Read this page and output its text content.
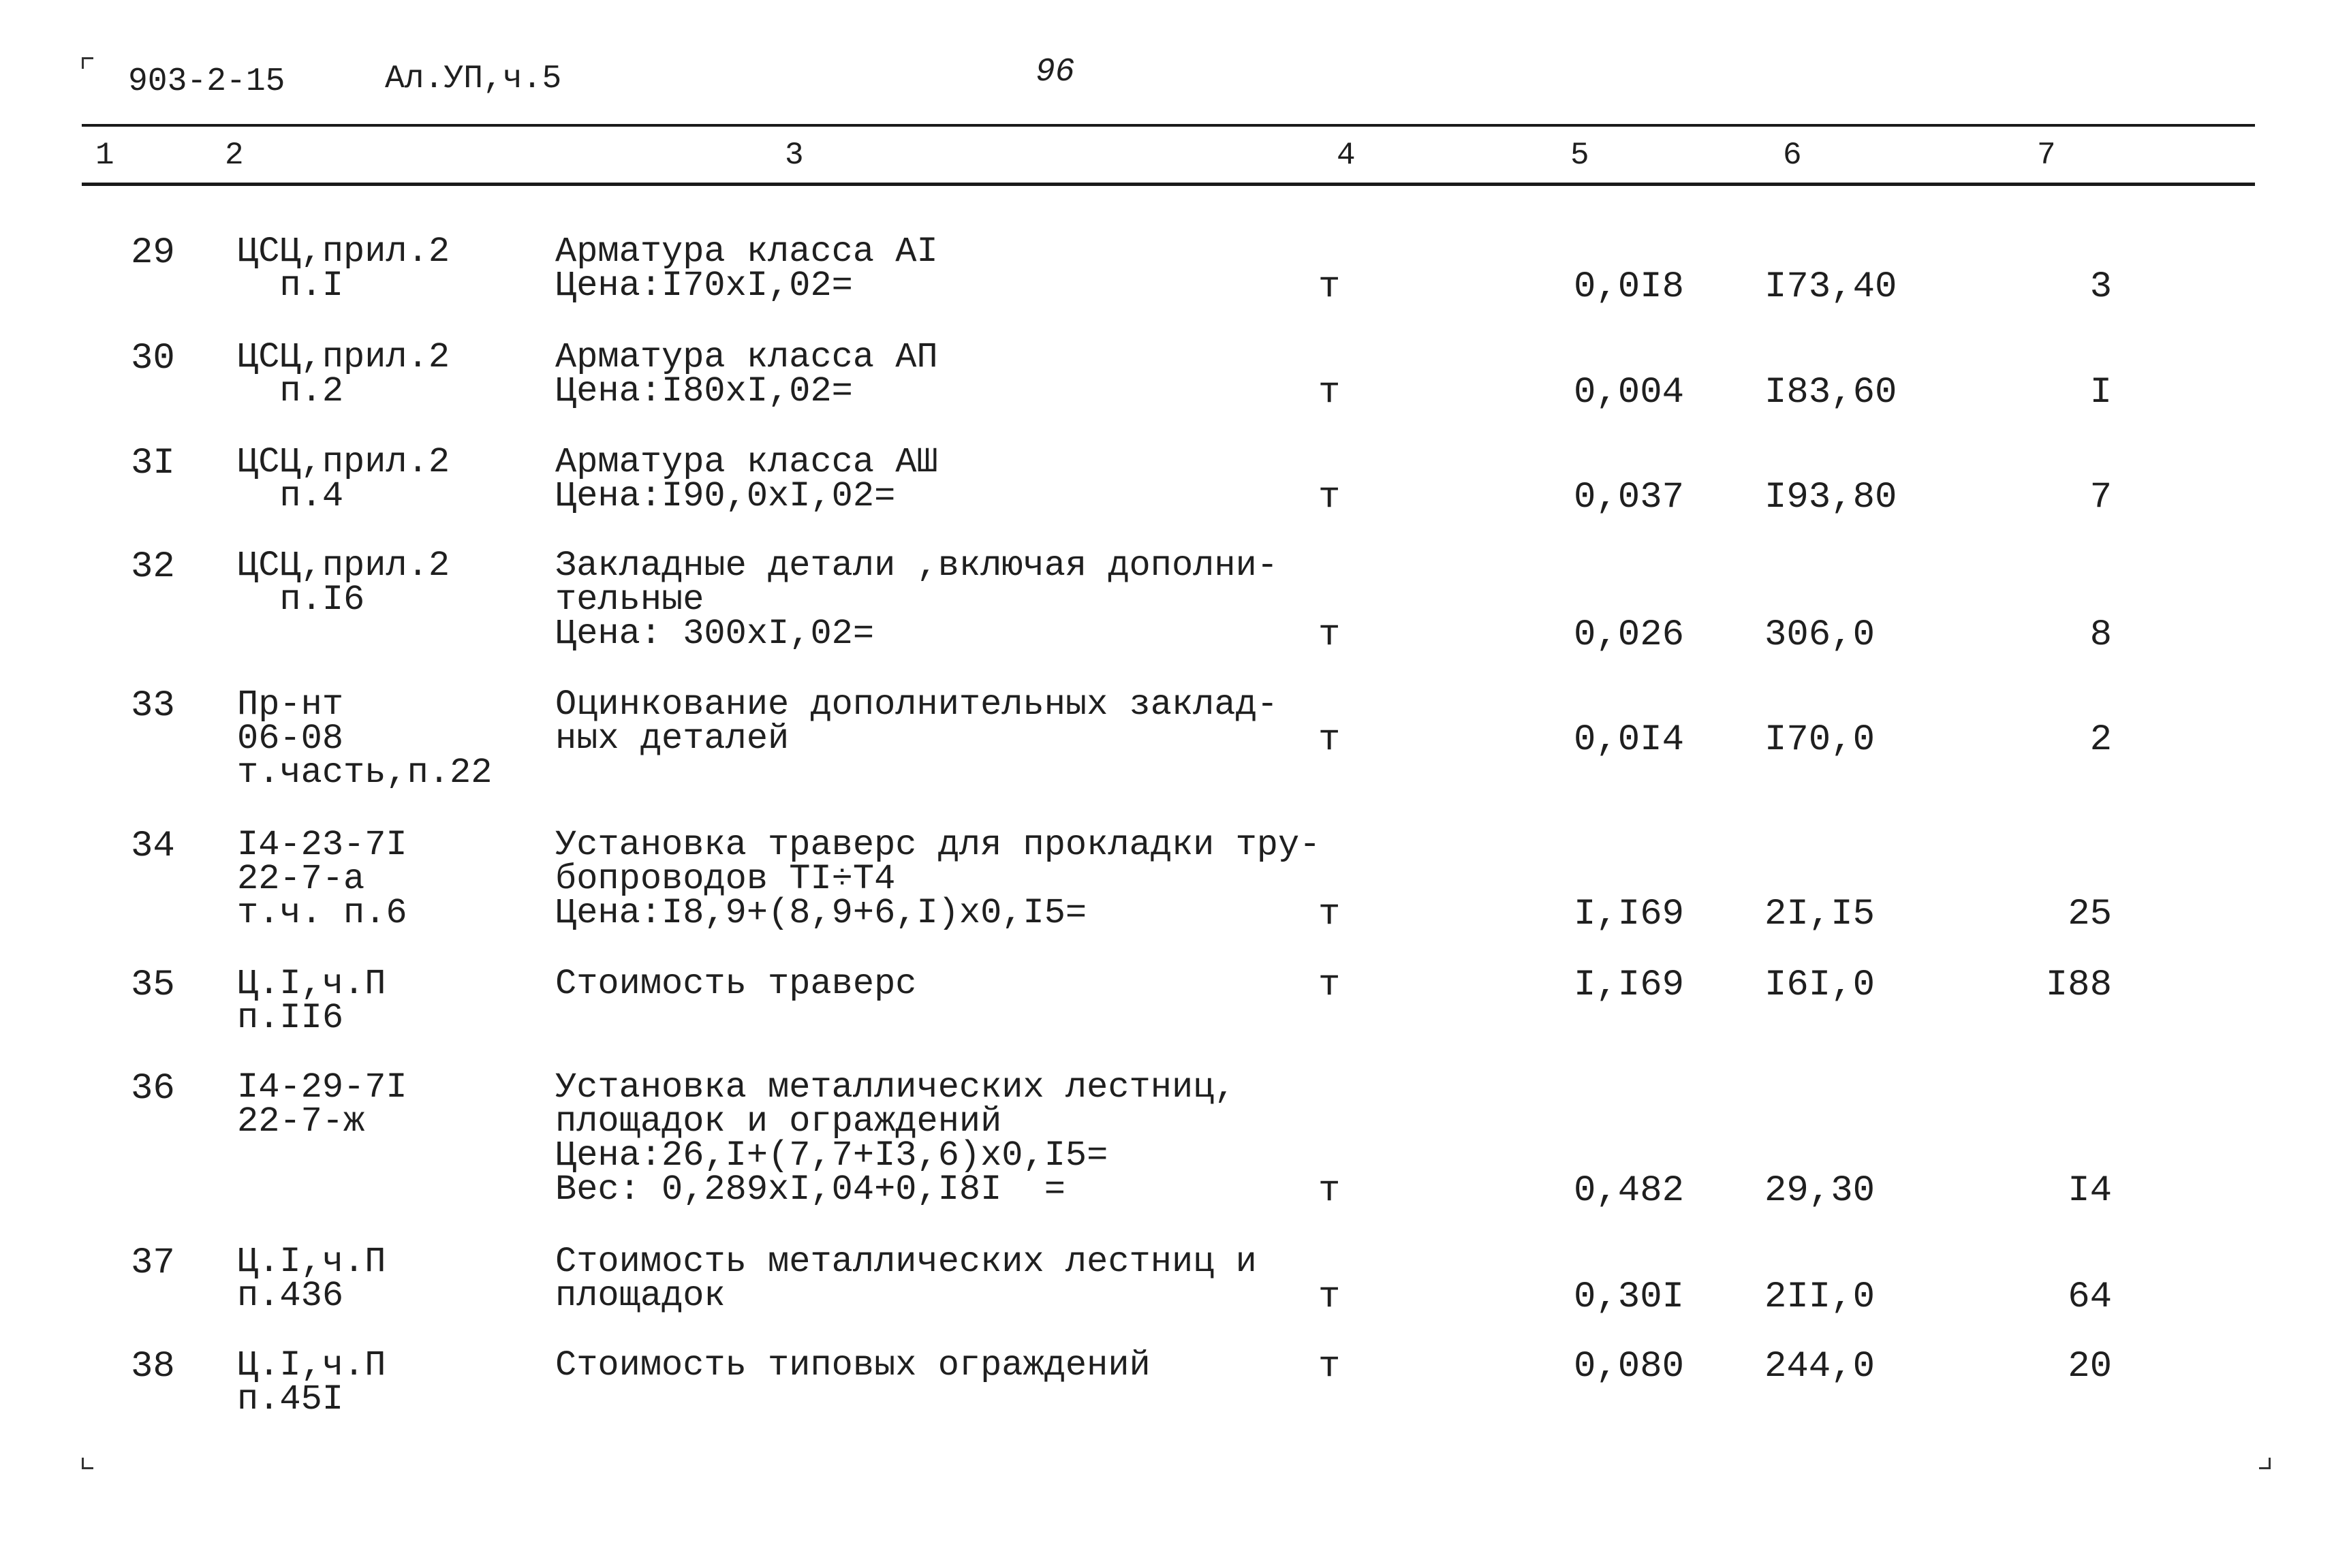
903-2-15	Ал.УП,ч.5	96
1	2	3	4	5	6	7
29 ЦСЦ,прил.2
п.I
Арматура класса АI
Цена:I70хI,02=	т	0,0I8 I73,40	3
30 ЦСЦ,прил.2
п.2
Арматура класса АП
Цена:I80хI,02=	т	0,004 I83,60	I
3I ЦСЦ,прил.2
п.4
Арматура класса АШ
Цена:I90,0хI,02=	т	0,037 I93,80	7
32 ЦСЦ,прил.2
п.I6
Закладные детали ,включая дополни-
тельные
Цена: 300хI,02=	т	0,026 306,0	8
33 Пр-нт
06-08
т.часть,п.22
Оцинкование дополнительных заклад-
ных деталей	т	0,0I4 I70,0	2
34 I4-23-7I
22-7-а
т.ч. п.6
Установка траверс для прокладки тру-
бопроводов TI÷T4
Цена:I8,9+(8,9+6,I)х0,I5=	т	I,I69 2I,I5	25
35 Ц.I,ч.П
п.II6
Стоимость траверс	т	I,I69 I6I,0	I88
36 I4-29-7I
22-7-ж
Установка металлических лестниц,
площадок и ограждений
Цена:26,I+(7,7+I3,6)х0,I5=
Вес: 0,289хI,04+0,I8I  =	т	0,482 29,30	I4
37 Ц.I,ч.П
п.436
Стоимость металлических лестниц и
площадок	т	0,30I 2II,0	64
38 Ц.I,ч.П
п.45I
Стоимость типовых ограждений	т	0,080 244,0	20
